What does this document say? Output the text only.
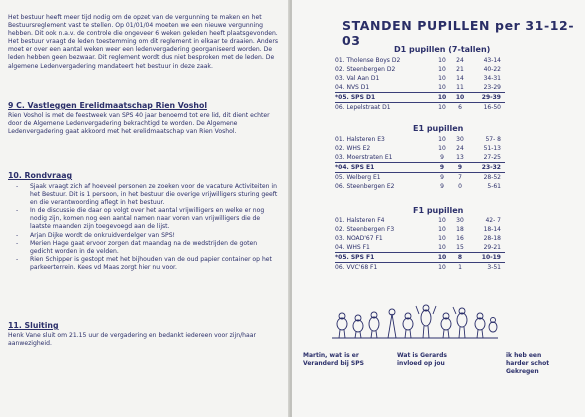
Het bestuur heeft meer tijd nodig om de opzet van de vergunning te maken en het Bestuursreglement vast te stellen. Op 01/01/04 moeten we een nieuwe vergunning hebben. Dit ook n.a.v. de controle die ongeveer 6 weken geleden heeft plaatsgevonden. Het bestuur vraagt de leden toestemming om dit reglement in elkaar te draaien. Anders moet er over een aantal weken weer een ledenvergadering georganiseerd worden. De leden hebben geen bezwaar. Dit reglement wordt dus niet besproken met de leden. De algemene Ledenvergadering mandateert het bestuur in deze zaak.

9 C. Vastleggen Erelidmaatschap Rien Voshol

Rien Voshol is met de feestweek van SPS 40 jaar benoemd tot ere lid, dit dient echter door de Algemene Ledenvergadering bekrachtigd te worden. De Algemene Ledenvergadering gaat akkoord met het erelidmaatschap van Rien Voshol.

10. Rondvraag
- Sjaak vraagt zich af hoeveel personen ze zoeken voor de vacature Activiteiten in het Bestuur. Dit is 1 persoon, in het bestuur die overige vrijwilligers sturing geeft en die verantwoording aflegt in het bestuur.
- In de discussie die daar op volgt over het aantal vrijwilligers en welke er nog nodig zijn, komen nog een aantal namen naar voren van vrijwilligers die de laatste maanden zijn toegevoegd aan de lijst.
- Arjan Dijke wordt de onkruidverdelger van SPS!
- Merien Hage gaat ervoor zorgen dat maandag na de wedstrijden de goten gedicht worden in de velden.
- Rien Schipper is gestopt met het bijhouden van de oud papier container op het parkeerterrein. Kees vd Maas zorgt hier nu voor.
11. Sluiting

Henk Vane sluit om 21.15 uur de vergadering en bedankt iedereen voor zijn/haar aanwezigheid.

STANDEN PUPILLEN per 31-12-03
D1 pupillen (7-tallen)
01. Tholense Boys D2	10	24	43-14
02. Steenbergen D2	10	21	40-22
03. Val Aan D1	10	14	34-31
04. NVS D1	10	11	23-29
*05. SPS D1	10	10	29-39
06. Lepelstraat D1	10	6	16-50
E1 pupillen
01. Halsteren E3	10	30	57- 8
02. WHS E2	10	24	51-13
03. Moerstraten E1	9	13	27-25
*04. SPS E1	9	9	23-32
05. Welberg E1	9	7	28-52
06. Steenbergen E2	9	0	5-61
F1 pupillen
01. Halsteren F4	10	30	42- 7
02. Steenbergen F3	10	18	18-14
03. NOAD'67 F1	10	16	28-18
04. WHS F1	10	15	29-21
*05. SPS F1	10	8	10-19
06. VVC'68 F1	10	1	3-51
Martin, wat is er
Veranderd bij SPS
Wat is Gerards
invloed op jou
ik heb een
harder schot
Gekregen
